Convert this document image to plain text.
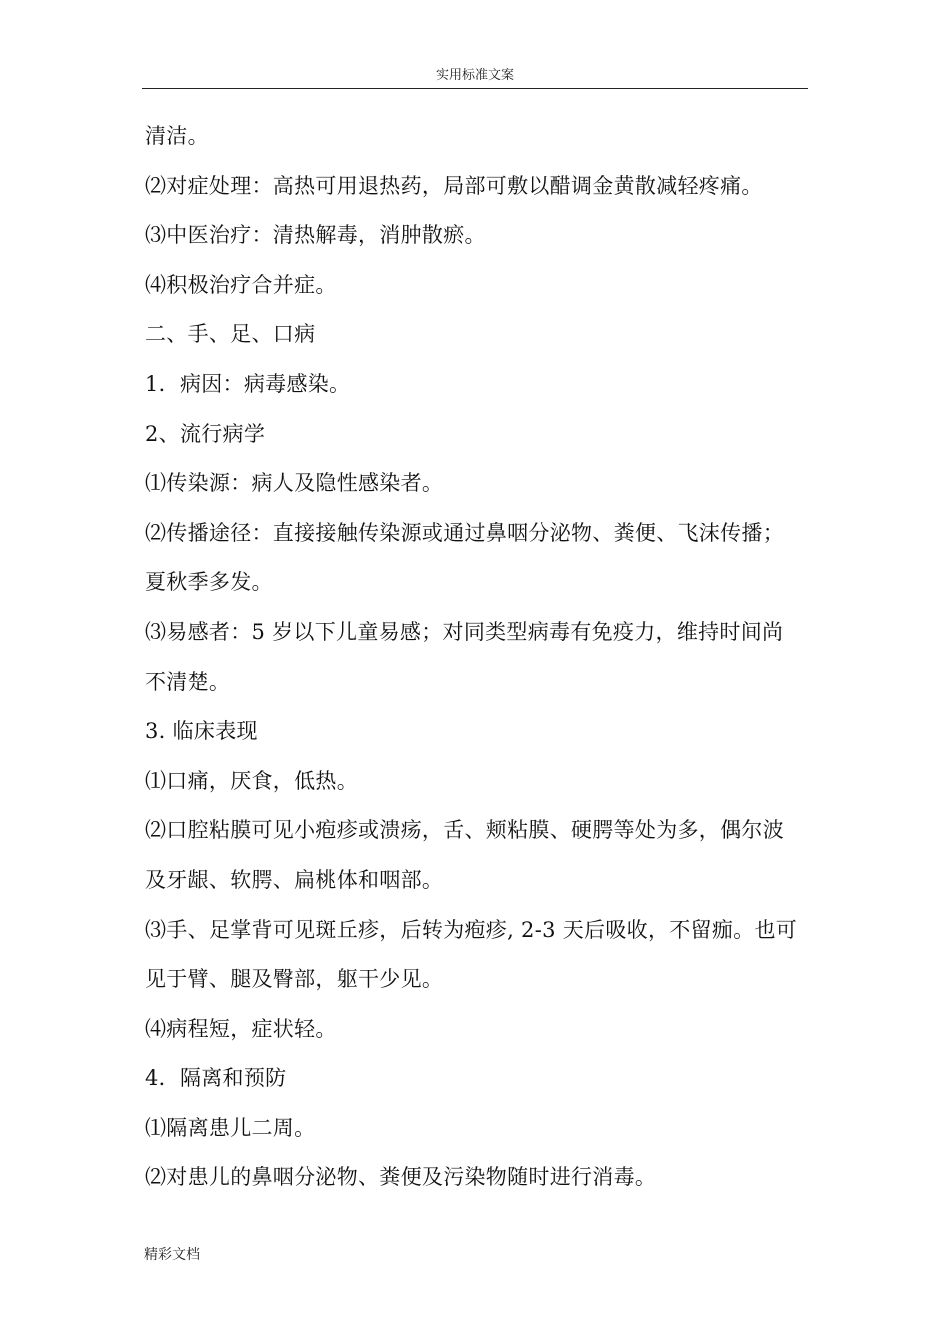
实用标准文案
清洁。
⑵对症处理：高热可用退热药，局部可敷以醋调金黄散减轻疼痛。
⑶中医治疗：清热解毒，消肿散瘀。
⑷积极治疗合并症。
二、手、足、口病
1．病因：病毒感染。
2、流行病学
⑴传染源：病人及隐性感染者。
⑵传播途径：直接接触传染源或通过鼻咽分泌物、粪便、飞沫传播；
夏秋季多发。
⑶易感者：5 岁以下儿童易感；对同类型病毒有免疫力，维持时间尚
不清楚。
3. 临床表现
⑴口痛，厌食，低热。
⑵口腔粘膜可见小疱疹或溃疡，舌、颊粘膜、硬腭等处为多，偶尔波
及牙龈、软腭、扁桃体和咽部。
⑶手、足掌背可见斑丘疹，后转为疱疹, 2-3 天后吸收，不留痂。也可
见于臂、腿及臀部，躯干少见。
⑷病程短，症状轻。
4．隔离和预防
⑴隔离患儿二周。
⑵对患儿的鼻咽分泌物、粪便及污染物随时进行消毒。
精彩文档
